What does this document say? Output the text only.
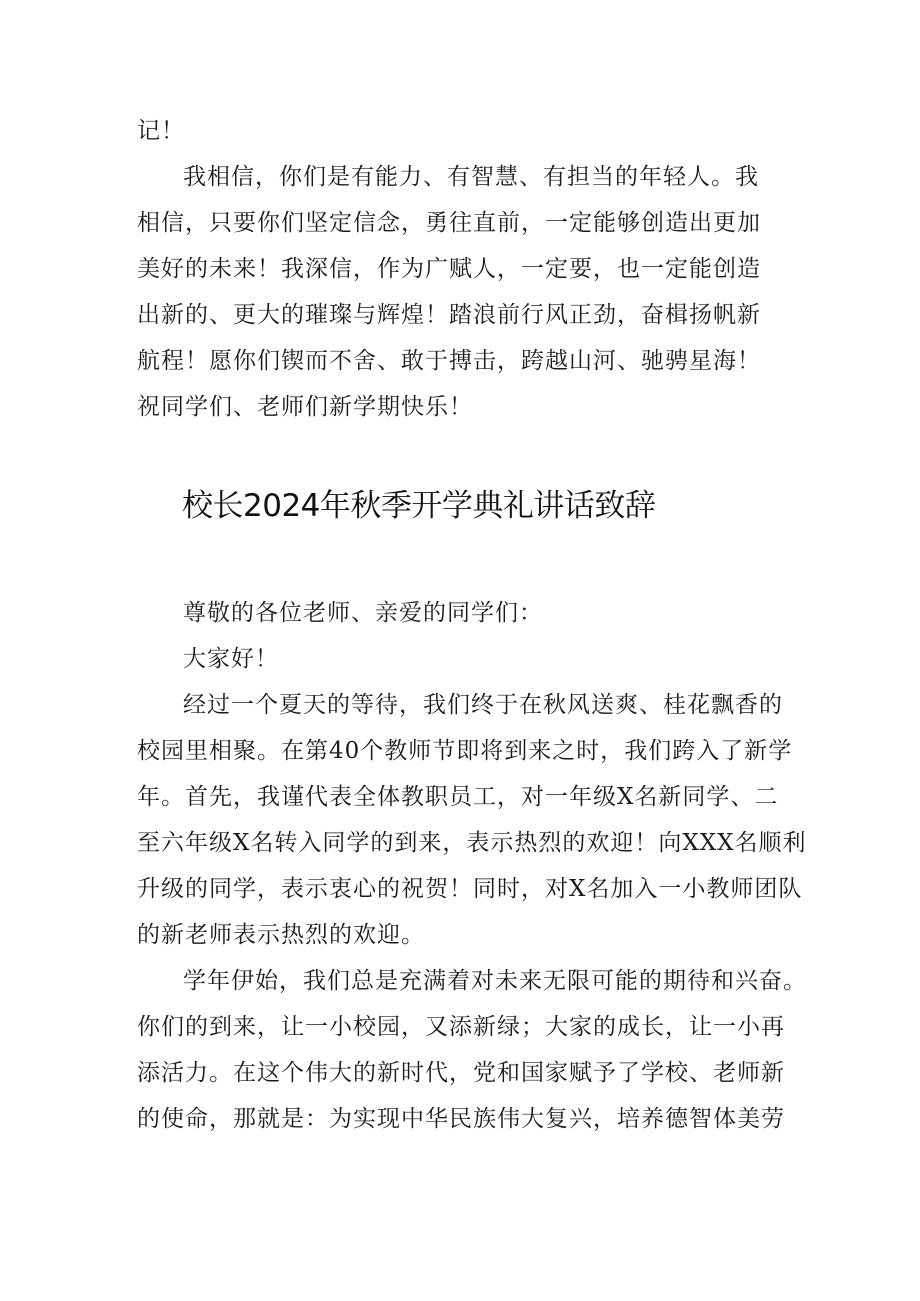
记！
我相信，你们是有能力、有智慧、有担当的年轻人。我
相信，只要你们坚定信念，勇往直前，一定能够创造出更加
美好的未来！我深信，作为广赋人，一定要，也一定能创造
出新的、更大的璀璨与辉煌！踏浪前行风正劲，奋楫扬帆新
航程！愿你们锲而不舍、敢于搏击，跨越山河、驰骋星海！
祝同学们、老师们新学期快乐！
校长2024年秋季开学典礼讲话致辞
尊敬的各位老师、亲爱的同学们：
大家好！
经过一个夏天的等待，我们终于在秋风送爽、桂花飘香的
校园里相聚。在第40个教师节即将到来之时，我们跨入了新学
年。首先，我谨代表全体教职员工，对一年级X名新同学、二
至六年级X名转入同学的到来，表示热烈的欢迎！向XXX名顺利
升级的同学，表示衷心的祝贺！同时，对X名加入一小教师团队
的新老师表示热烈的欢迎。
学年伊始，我们总是充满着对未来无限可能的期待和兴奋。
你们的到来，让一小校园，又添新绿；大家的成长，让一小再
添活力。在这个伟大的新时代，党和国家赋予了学校、老师新
的使命，那就是：为实现中华民族伟大复兴，培养德智体美劳
